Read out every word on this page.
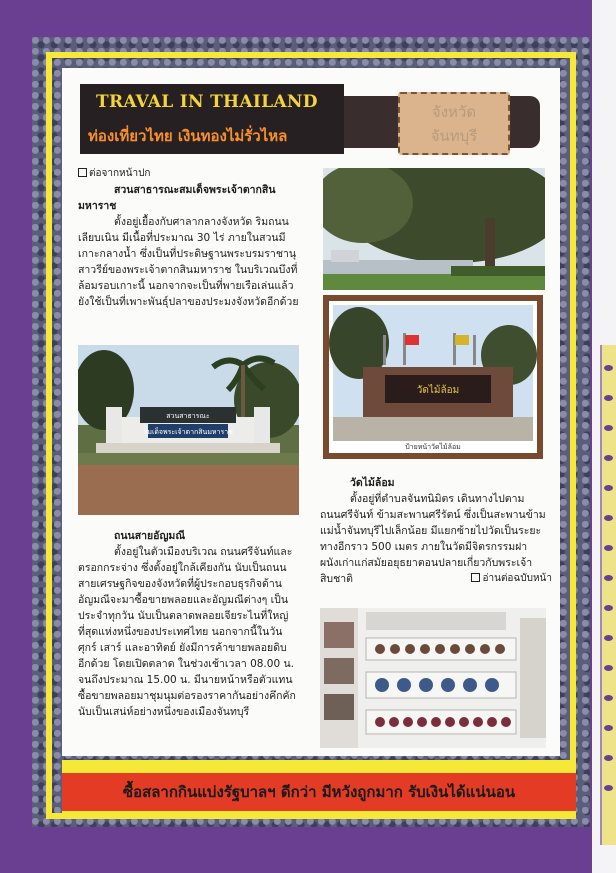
TRAVAL IN THAILAND
ท่องเที่ยวไทย เงินทองไม่รั่วไหล
จังหวัด
จันทบุรี
ต่อจากหน้าปก
สวนสาธารณะสมเด็จพระเจ้าตากสิน
มหาราช
ตั้งอยู่เยื้องกับศาลากลางจังหวัด ริมถนน
เลียบเนิน มีเนื้อที่ประมาณ 30 ไร่ ภายในสวนมี
เกาะกลางน้ำ ซึ่งเป็นที่ประดิษฐานพระบรมราชานุ
สาวรีย์ของพระเจ้าตากสินมหาราช ในบริเวณบึงที่
ล้อมรอบเกาะนี้ นอกจากจะเป็นที่พายเรือเล่นแล้ว
ยังใช้เป็นที่เพาะพันธุ์ปลาของประมงจังหวัดอีกด้วย
สวนสาธารณะ
สมเด็จพระเจ้าตากสินมหาราช
ถนนสายอัญมณี
ตั้งอยู่ในตัวเมืองบริเวณ ถนนศรีจันท์และ
ตรอกกระจ่าง ซึ่งตั้งอยู่ใกล้เคียงกัน นับเป็นถนน
สายเศรษฐกิจของจังหวัดที่ผู้ประกอบธุรกิจด้าน
อัญมณีจะมาซื้อขายพลอยและอัญมณีต่างๆ เป็น
ประจำทุกวัน นับเป็นตลาดพลอยเจียระไนที่ใหญ่
ที่สุดแห่งหนึ่งของประเทศไทย นอกจากนี้ในวัน
ศุกร์ เสาร์ และอาทิตย์ ยังมีการค้าขายพลอยดิบ
อีกด้วย โดยเปิดตลาด ในช่วงเช้าเวลา 08.00 น.
จนถึงประมาณ 15.00 น. มีนายหน้าหรือตัวแทน
ซื้อขายพลอยมาชุมนุมต่อรองราคากันอย่างคึกคัก
นับเป็นเสน่ห์อย่างหนึ่งของเมืองจันทบุรี
วัดไม้ล้อม
ป้ายหน้าวัดไม้ล้อม
วัดไม้ล้อม
ตั้งอยู่ที่ตำบลจันทนิมิตร เดินทางไปตาม
ถนนศรีจันท์ ข้ามสะพานศรีรัตน์ ซึ่งเป็นสะพานข้าม
แม่น้ำจันทบุรีไปเล็กน้อย มีแยกซ้ายไปวัดเป็นระยะ
ทางอีกราว 500 เมตร ภายในวัดมีจิตรกรรมฝา
ผนังเก่าแก่สมัยอยุธยาตอนปลายเกี่ยวกับพระเจ้า
สิบชาติ	อ่านต่อฉบับหน้า
ซื้อสลากกินแบ่งรัฐบาลฯ ดีกว่า มีหวังถูกมาก รับเงินได้แน่นอน
